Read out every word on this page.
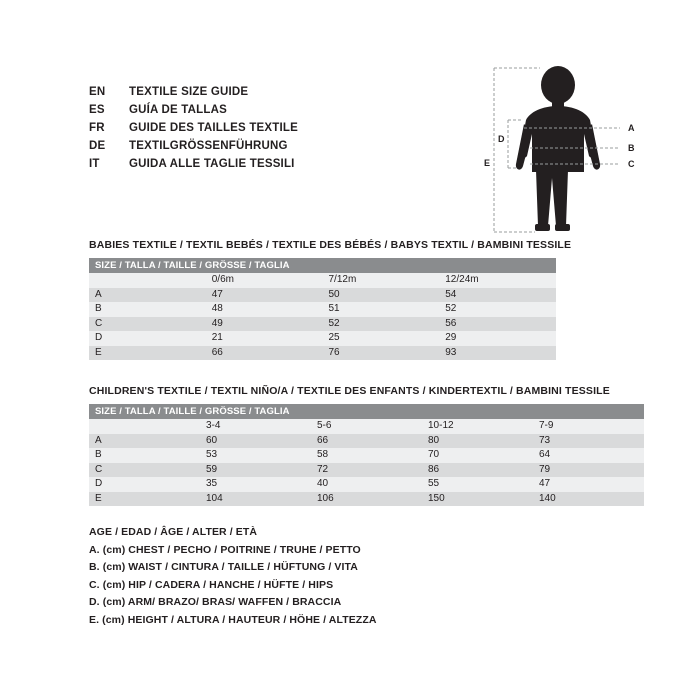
EN	TEXTILE SIZE GUIDE
ES	GUÍA DE TALLAS
FR	GUIDE DES TAILLES TEXTILE
DE	TEXTILGRÖSSENFÜHRUNG
IT	GUIDA ALLE TAGLIE TESSILI
A
B
C
D
E
BABIES TEXTILE / TEXTIL BEBÉS / TEXTILE DES BÉBÉS / BABYS TEXTIL / BAMBINI TESSILE
SIZE / TALLA / TAILLE / GRÖSSE / TAGLIA			
	0/6m	7/12m	12/24m
A	47	50	54
B	48	51	52
C	49	52	56
D	21	25	29
E	66	76	93
CHILDREN'S TEXTILE / TEXTIL NIÑO/A / TEXTILE DES ENFANTS / KINDERTEXTIL / BAMBINI TESSILE
SIZE / TALLA / TAILLE / GRÖSSE / TAGLIA				
	3-4	5-6	10-12	7-9
A	60	66	80	73
B	53	58	70	64
C	59	72	86	79
D	35	40	55	47
E	104	106	150	140
AGE / EDAD / ÂGE / ALTER / ETÀ
A. (cm) CHEST / PECHO / POITRINE / TRUHE / PETTO
B. (cm) WAIST / CINTURA / TAILLE / HÜFTUNG / VITA
C. (cm) HIP / CADERA / HANCHE / HÜFTE / HIPS
D. (cm) ARM/ BRAZO/ BRAS/ WAFFEN / BRACCIA
E. (cm) HEIGHT / ALTURA / HAUTEUR / HÖHE / ALTEZZA
